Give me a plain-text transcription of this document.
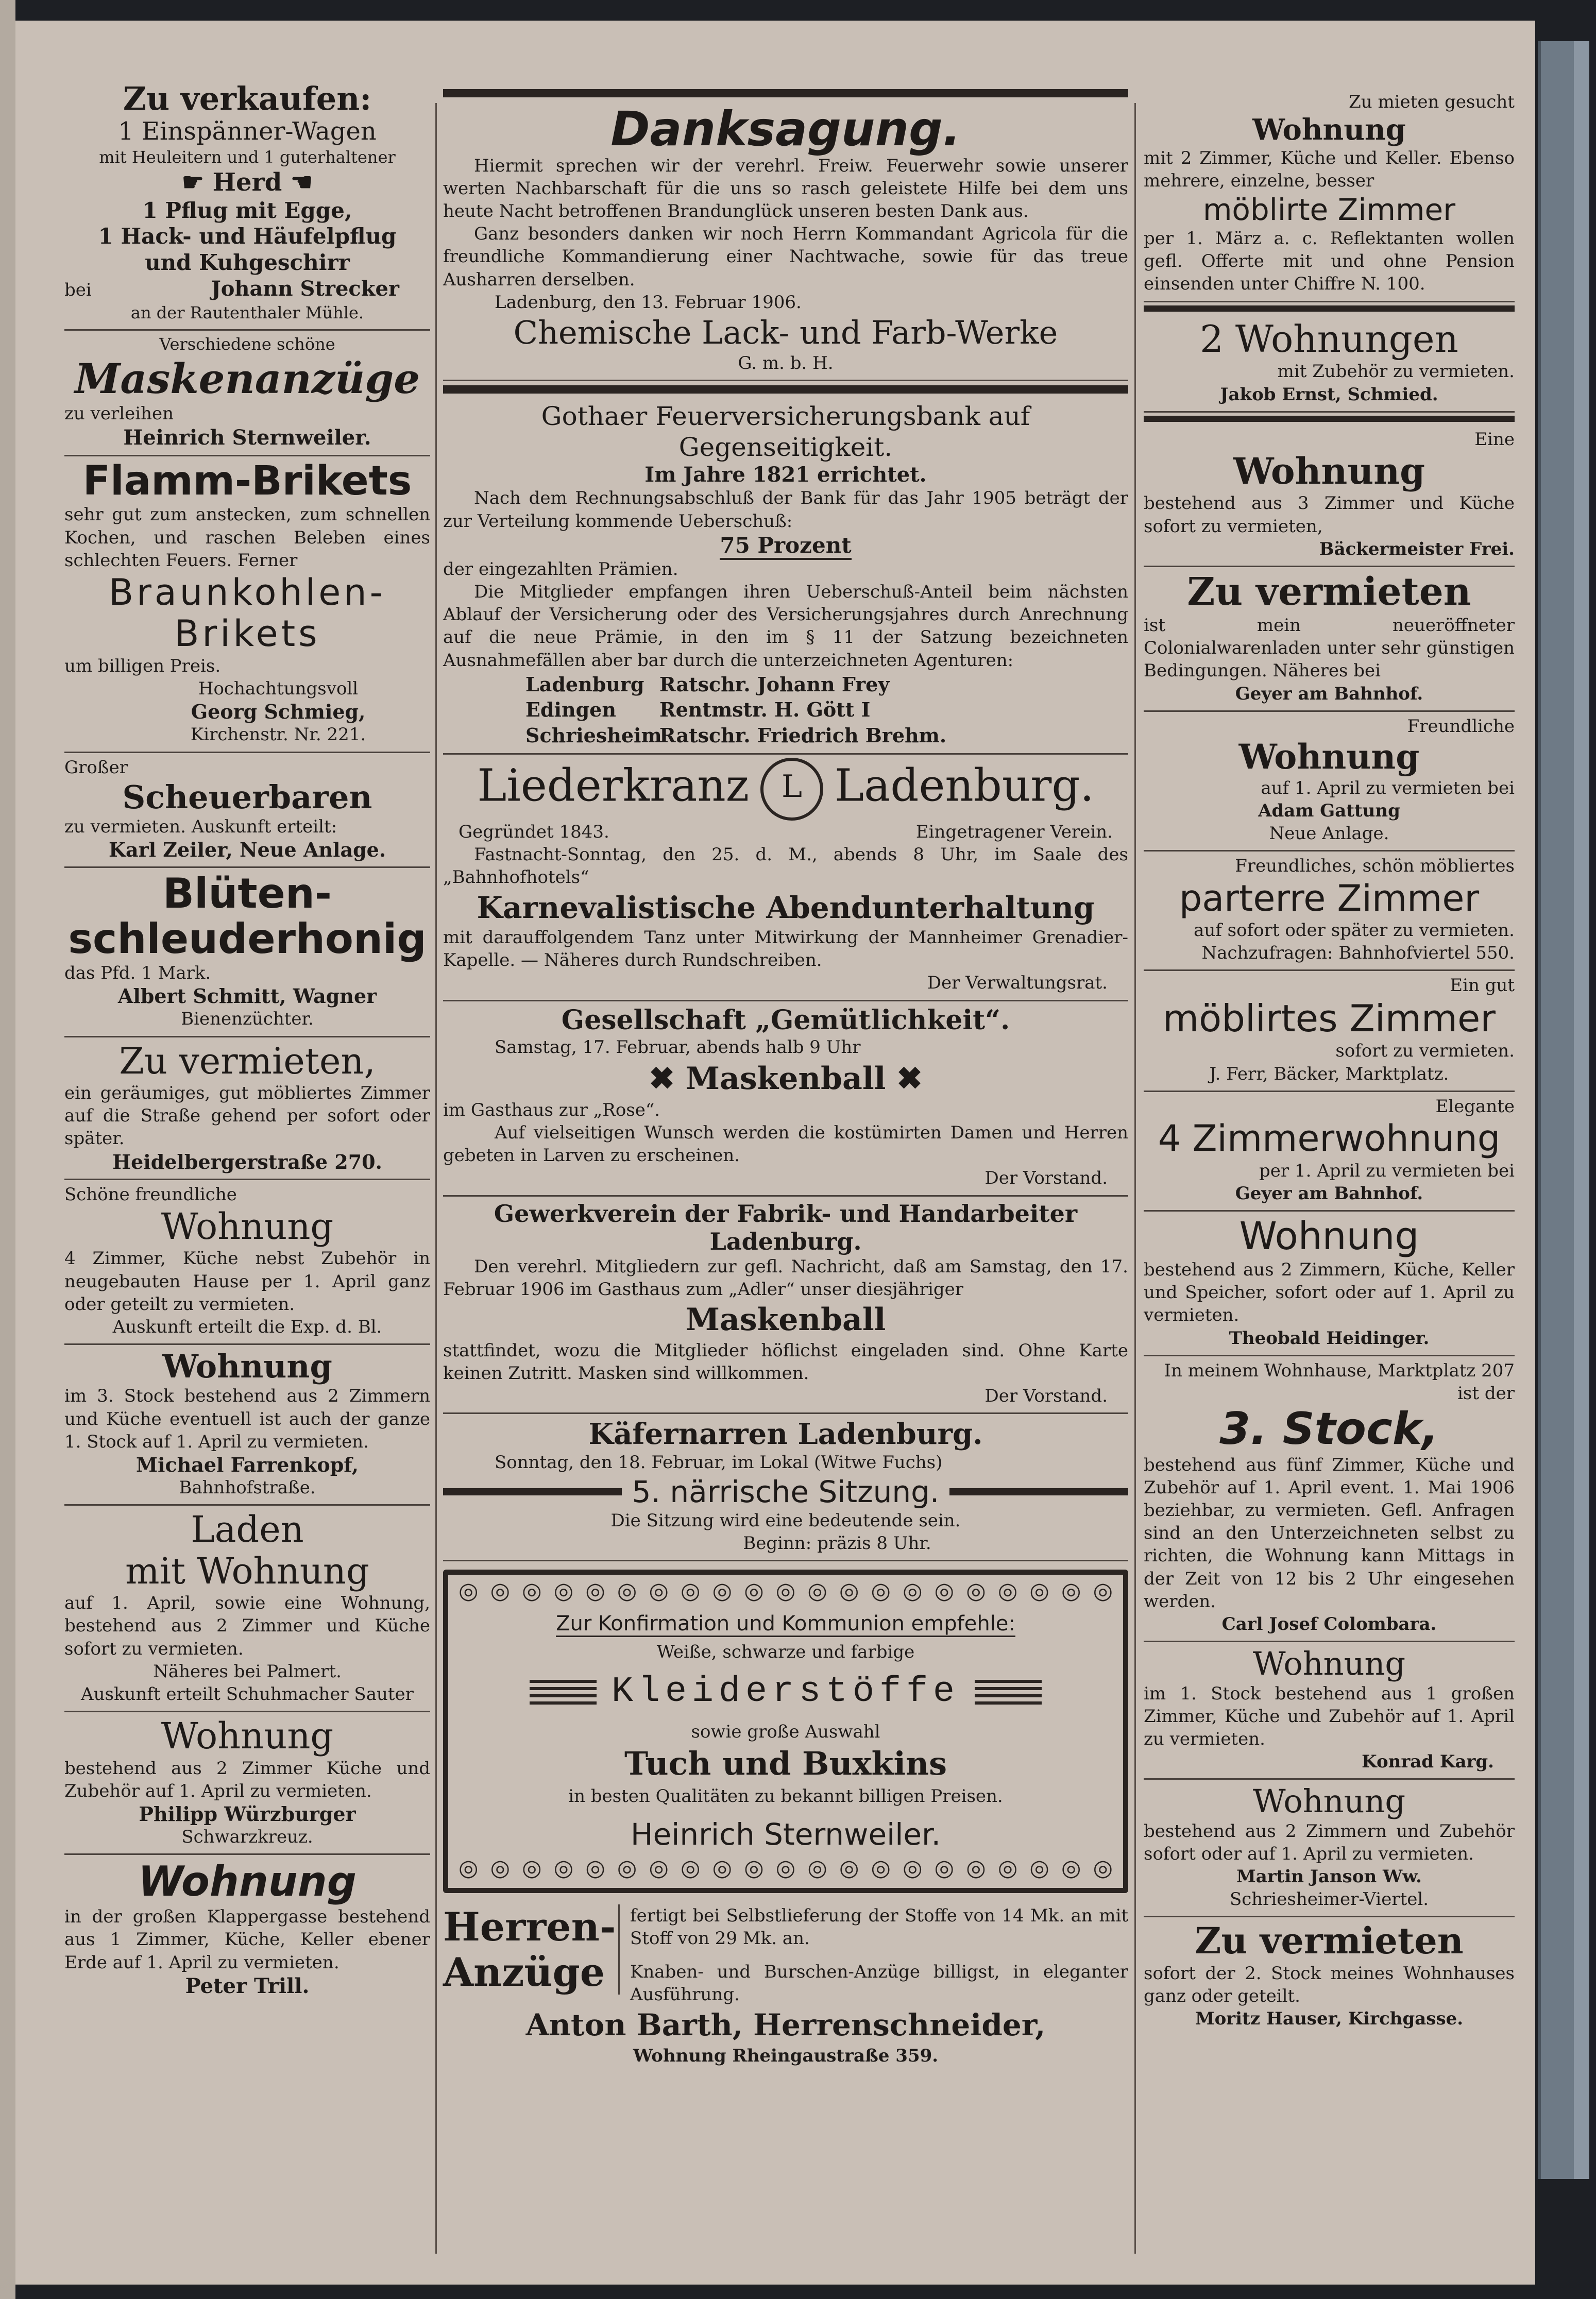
Zu verkaufen:
1 Einspänner-Wagen
mit Heuleitern und 1 guterhaltener
☛ Herd ☚
1 Pflug mit Egge,
1 Hack- und Häufelpflug
und Kuhgeschirr
bei	Johann Strecker
an der Rautenthaler Mühle.
Verschiedene schöne
Maskenanzüge
zu verleihen
Heinrich Sternweiler.
Flamm-Brikets
sehr gut zum anstecken, zum schnellen Kochen, und raschen Beleben eines schlechten Feuers. Ferner
Braunkohlen-
Brikets
um billigen Preis.
Hochachtungsvoll
Georg Schmieg,
Kirchenstr. Nr. 221.
Großer
Scheuerbaren
zu vermieten. Auskunft erteilt:
Karl Zeiler, Neue Anlage.
Blüten-
schleuderhonig
das Pfd. 1 Mark.
Albert Schmitt, Wagner
Bienenzüchter.
Zu vermieten,
ein geräumiges, gut möbliertes Zimmer auf die Straße gehend per sofort oder später.
Heidelbergerstraße 270.
Schöne freundliche
Wohnung
4 Zimmer, Küche nebst Zubehör in neugebauten Hause per 1. April ganz oder geteilt zu vermieten.
Auskunft erteilt die Exp. d. Bl.
Wohnung
im 3. Stock bestehend aus 2 Zimmern und Küche eventuell ist auch der ganze 1. Stock auf 1. April zu vermieten.
Michael Farrenkopf,
Bahnhofstraße.
Laden
mit Wohnung
auf 1. April, sowie eine Wohnung, bestehend aus 2 Zimmer und Küche sofort zu vermieten.
Näheres bei Palmert.
Auskunft erteilt Schuhmacher Sauter
Wohnung
bestehend aus 2 Zimmer Küche und Zubehör auf 1. April zu vermieten.
Philipp Würzburger
Schwarzkreuz.
Wohnung
in der großen Klappergasse bestehend aus 1 Zimmer, Küche, Keller ebener Erde auf 1. April zu vermieten.
Peter Trill.
Danksagung.
Hiermit sprechen wir der verehrl. Freiw. Feuerwehr sowie unserer werten Nachbarschaft für die uns so rasch geleistete Hilfe bei dem uns heute Nacht betroffenen Brandunglück unseren besten Dank aus.
Ganz besonders danken wir noch Herrn Kommandant Agricola für die freundliche Kommandierung einer Nachtwache, sowie für das treue Ausharren derselben.
Ladenburg, den 13. Februar 1906.
Chemische Lack- und Farb-Werke
G. m. b. H.
Gothaer Feuerversicherungsbank auf Gegenseitigkeit.
Im Jahre 1821 errichtet.
Nach dem Rechnungsabschluß der Bank für das Jahr 1905 beträgt der zur Verteilung kommende Ueberschuß:
75 Prozent
der eingezahlten Prämien.
Die Mitglieder empfangen ihren Ueberschuß-Anteil beim nächsten Ablauf der Versicherung oder des Versicherungsjahres durch Anrechnung auf die neue Prämie, in den im § 11 der Satzung bezeichneten Ausnahmefällen aber bar durch die unterzeichneten Agenturen:
Ladenburg Ratschr. Johann Frey
Edingen Rentmstr. H. Gött I
SchriesheimRatschr. Friedrich Brehm.
Liederkranz L Ladenburg.
Gegründet 1843.	Eingetragener Verein.
Fastnacht-Sonntag, den 25. d. M., abends 8 Uhr, im Saale des „Bahnhofhotels“
Karnevalistische Abendunterhaltung
mit darauffolgendem Tanz unter Mitwirkung der Mannheimer Grenadier-Kapelle. — Näheres durch Rundschreiben.
Der Verwaltungsrat.
Gesellschaft „Gemütlichkeit“.
Samstag, 17. Februar, abends halb 9 Uhr
✖ Maskenball ✖
im Gasthaus zur „Rose“.
Auf vielseitigen Wunsch werden die kostümirten Damen und Herren gebeten in Larven zu erscheinen.
Der Vorstand.
Gewerkverein der Fabrik- und Handarbeiter
Ladenburg.
Den verehrl. Mitgliedern zur gefl. Nachricht, daß am Samstag, den 17. Februar 1906 im Gasthaus zum „Adler“ unser diesjähriger
Maskenball
stattfindet, wozu die Mitglieder höflichst eingeladen sind. Ohne Karte keinen Zutritt. Masken sind willkommen.
Der Vorstand.
Käfernarren Ladenburg.
Sonntag, den 18. Februar, im Lokal (Witwe Fuchs)
5. närrische Sitzung.
Die Sitzung wird eine bedeutende sein.
Beginn: präzis 8 Uhr.
◎ ◎ ◎ ◎ ◎ ◎ ◎ ◎ ◎ ◎ ◎ ◎ ◎ ◎ ◎ ◎ ◎ ◎ ◎ ◎ ◎
Zur Konfirmation und Kommunion empfehle:
Weiße, schwarze und farbige
Kleiderstöffe
sowie große Auswahl
Tuch und Buxkins
in besten Qualitäten zu bekannt billigen Preisen.
Heinrich Sternweiler.
◎ ◎ ◎ ◎ ◎ ◎ ◎ ◎ ◎ ◎ ◎ ◎ ◎ ◎ ◎ ◎ ◎ ◎ ◎ ◎ ◎
Herren-
Anzüge
fertigt bei Selbstlieferung der Stoffe von 14 Mk. an mit Stoff von 29 Mk. an.
Knaben- und Burschen-Anzüge billigst, in eleganter Ausführung.
Anton Barth, Herrenschneider,
Wohnung Rheingaustraße 359.
Zu mieten gesucht
Wohnung
mit 2 Zimmer, Küche und Keller. Ebenso mehrere, einzelne, besser
möblirte Zimmer
per 1. März a. c. Reflektanten wollen gefl. Offerte mit und ohne Pension einsenden unter Chiffre N. 100.
2 Wohnungen
mit Zubehör zu vermieten.
Jakob Ernst, Schmied.
Eine
Wohnung
bestehend aus 3 Zimmer und Küche sofort zu vermieten,
Bäckermeister Frei.
Zu vermieten
ist mein neueröffneter Colonialwarenladen unter sehr günstigen Bedingungen. Näheres bei
Geyer am Bahnhof.
Freundliche
Wohnung
auf 1. April zu vermieten bei
Adam Gattung
Neue Anlage.
Freundliches, schön möbliertes
parterre Zimmer
auf sofort oder später zu vermieten.
Nachzufragen: Bahnhofviertel 550.
Ein gut
möblirtes Zimmer
sofort zu vermieten.
J. Ferr, Bäcker, Marktplatz.
Elegante
4 Zimmerwohnung
per 1. April zu vermieten bei
Geyer am Bahnhof.
Wohnung
bestehend aus 2 Zimmern, Küche, Keller und Speicher, sofort oder auf 1. April zu vermieten.
Theobald Heidinger.
In meinem Wohnhause, Marktplatz 207 ist der
3. Stock,
bestehend aus fünf Zimmer, Küche und Zubehör auf 1. April event. 1. Mai 1906 beziehbar, zu vermieten. Gefl. Anfragen sind an den Unterzeichneten selbst zu richten, die Wohnung kann Mittags in der Zeit von 12 bis 2 Uhr eingesehen werden.
Carl Josef Colombara.
Wohnung
im 1. Stock bestehend aus 1 großen Zimmer, Küche und Zubehör auf 1. April zu vermieten.
Konrad Karg.
Wohnung
bestehend aus 2 Zimmern und Zubehör sofort oder auf 1. April zu vermieten.
Martin Janson Ww.
Schriesheimer-Viertel.
Zu vermieten
sofort der 2. Stock meines Wohnhauses ganz oder geteilt.
Moritz Hauser, Kirchgasse.
